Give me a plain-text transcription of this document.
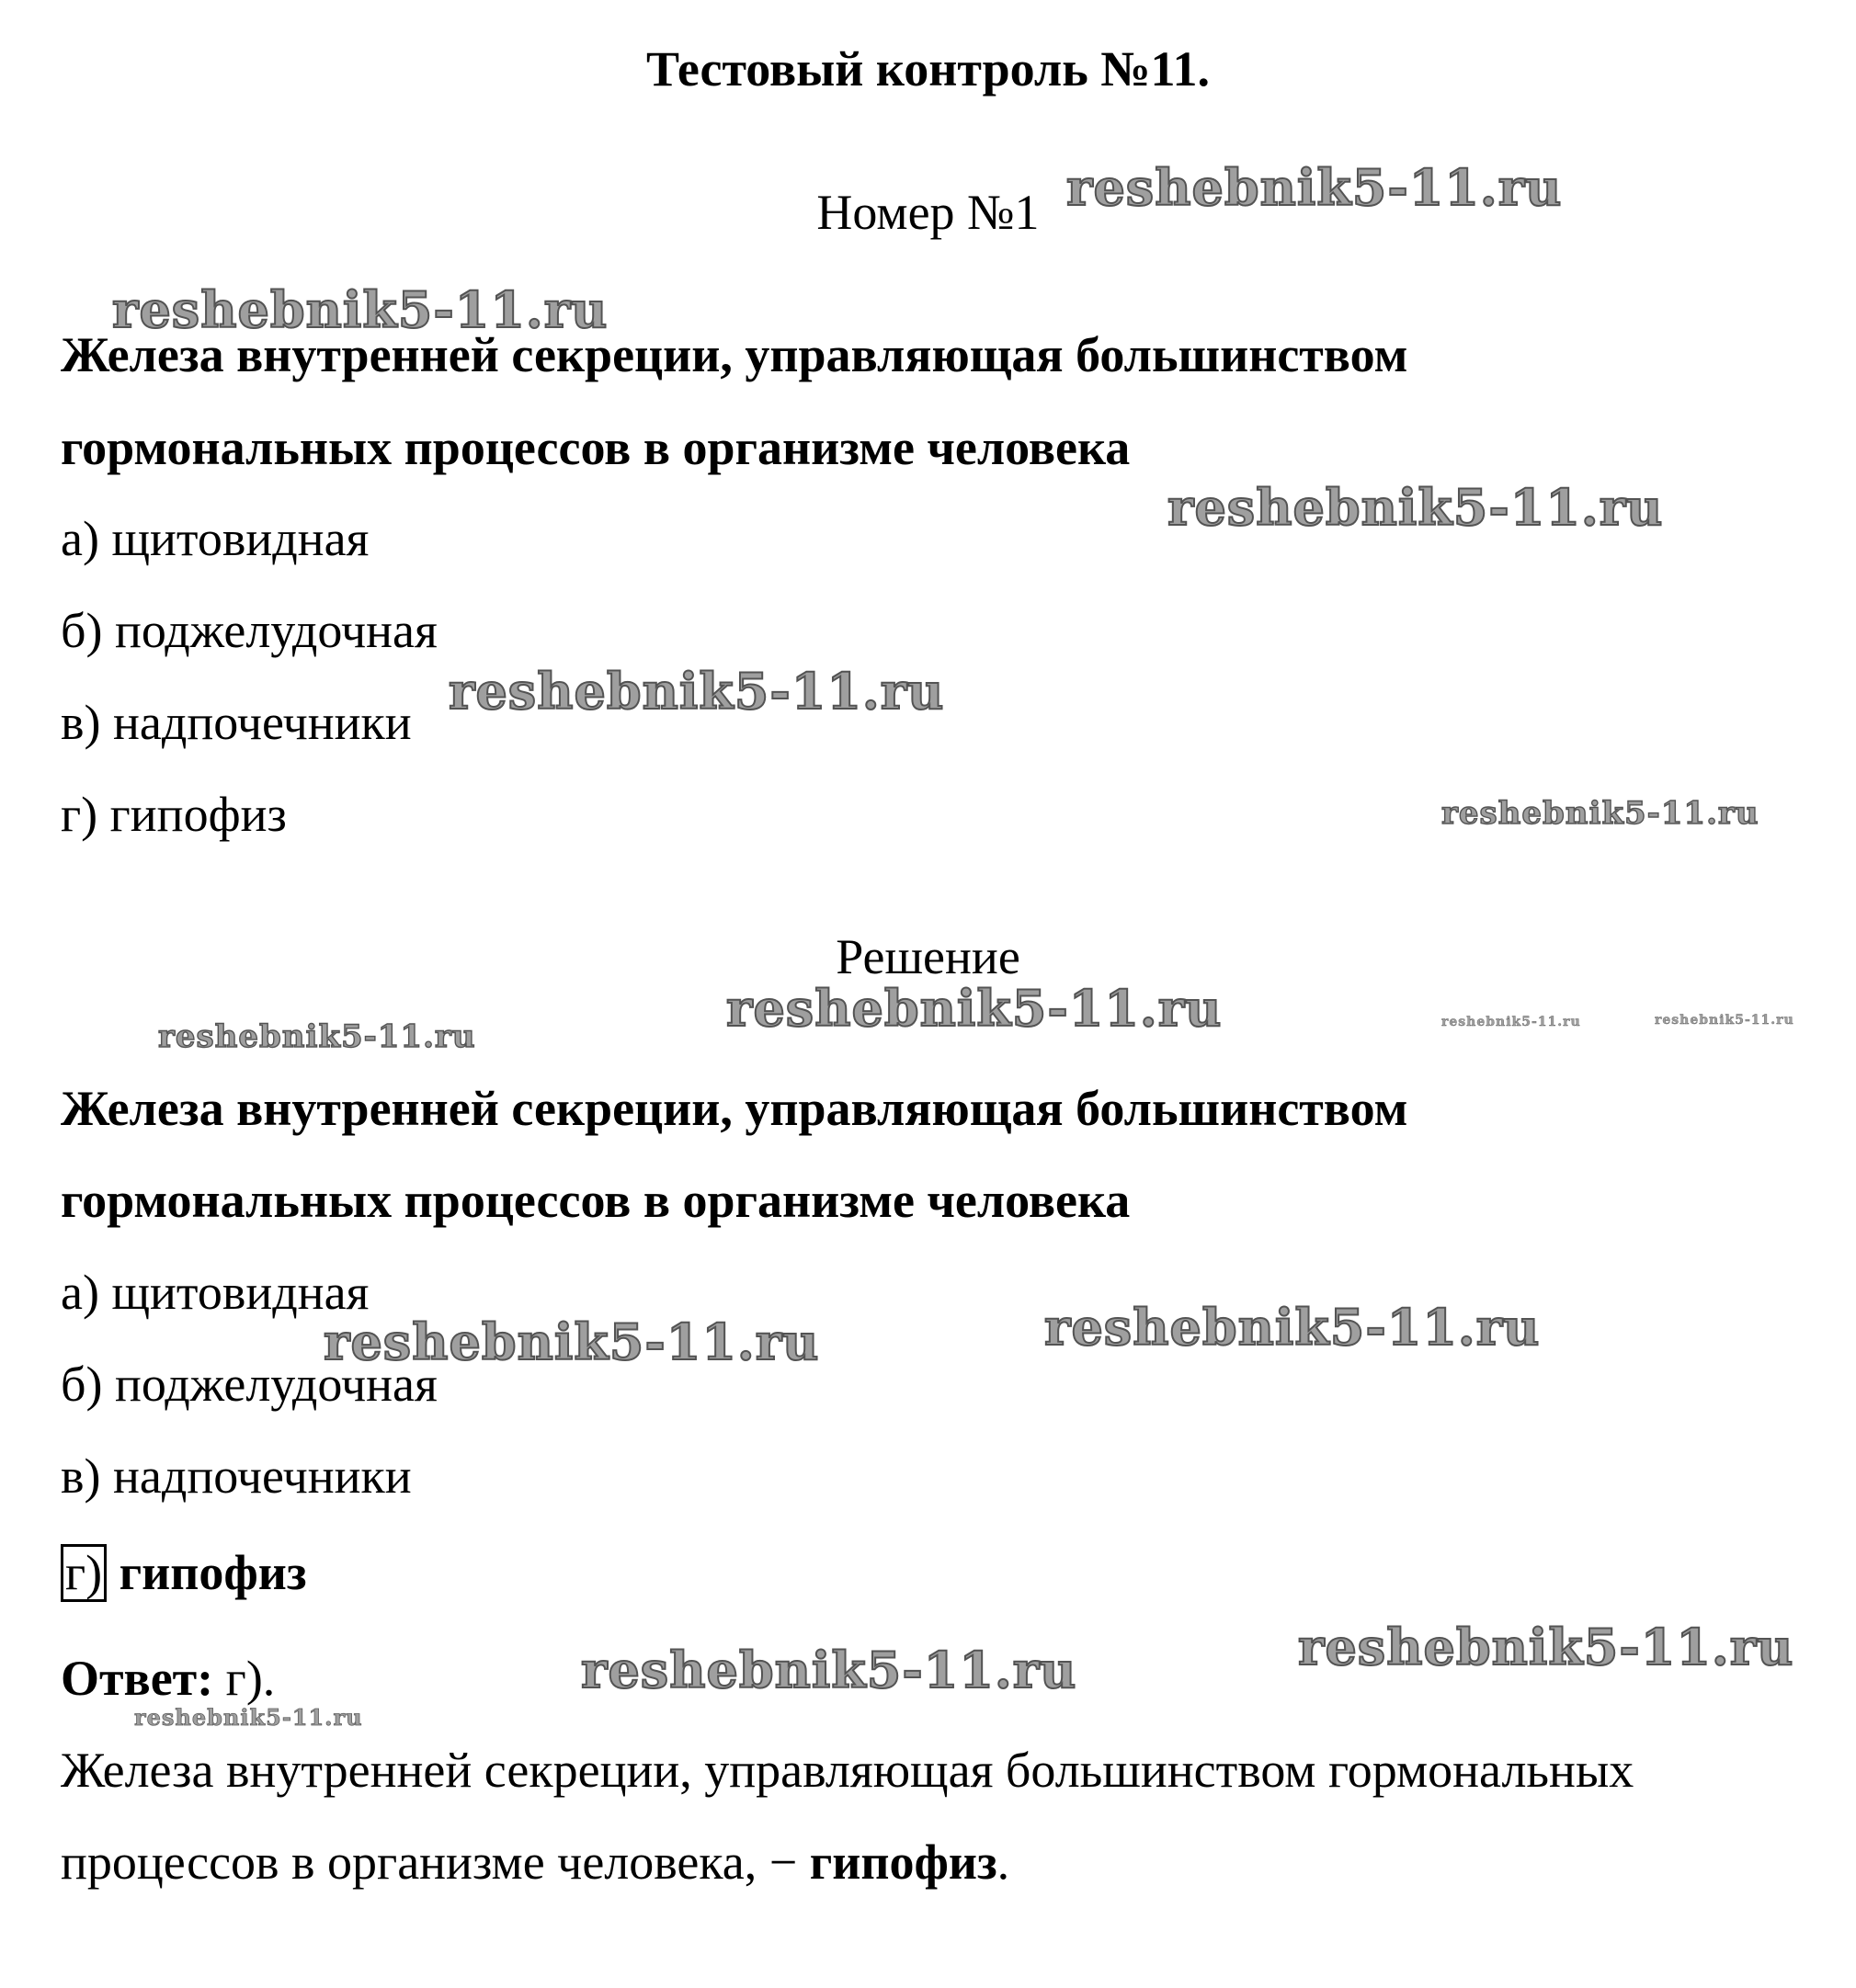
Тестовый контроль №11.
Номер №1
Железа внутренней секреции, управляющая большинством
гормональных процессов в организме человека
а) щитовидная
б) поджелудочная
в) надпочечники
г) гипофиз
Решение
Железа внутренней секреции, управляющая большинством
гормональных процессов в организме человека
а) щитовидная
б) поджелудочная
в) надпочечники
г) гипофиз
Ответ: г).
Железа внутренней секреции, управляющая большинством гормональных
процессов в организме человека, − гипофиз.
reshebnik5-11.ru
reshebnik5-11.ru
reshebnik5-11.ru
reshebnik5-11.ru
reshebnik5-11.ru
reshebnik5-11.ru
reshebnik5-11.ru	reshebnik5-11.ru	reshebnik5-11.ru
reshebnik5-11.ru	reshebnik5-11.ru
reshebnik5-11.ru
reshebnik5-11.ru
reshebnik5-11.ru
